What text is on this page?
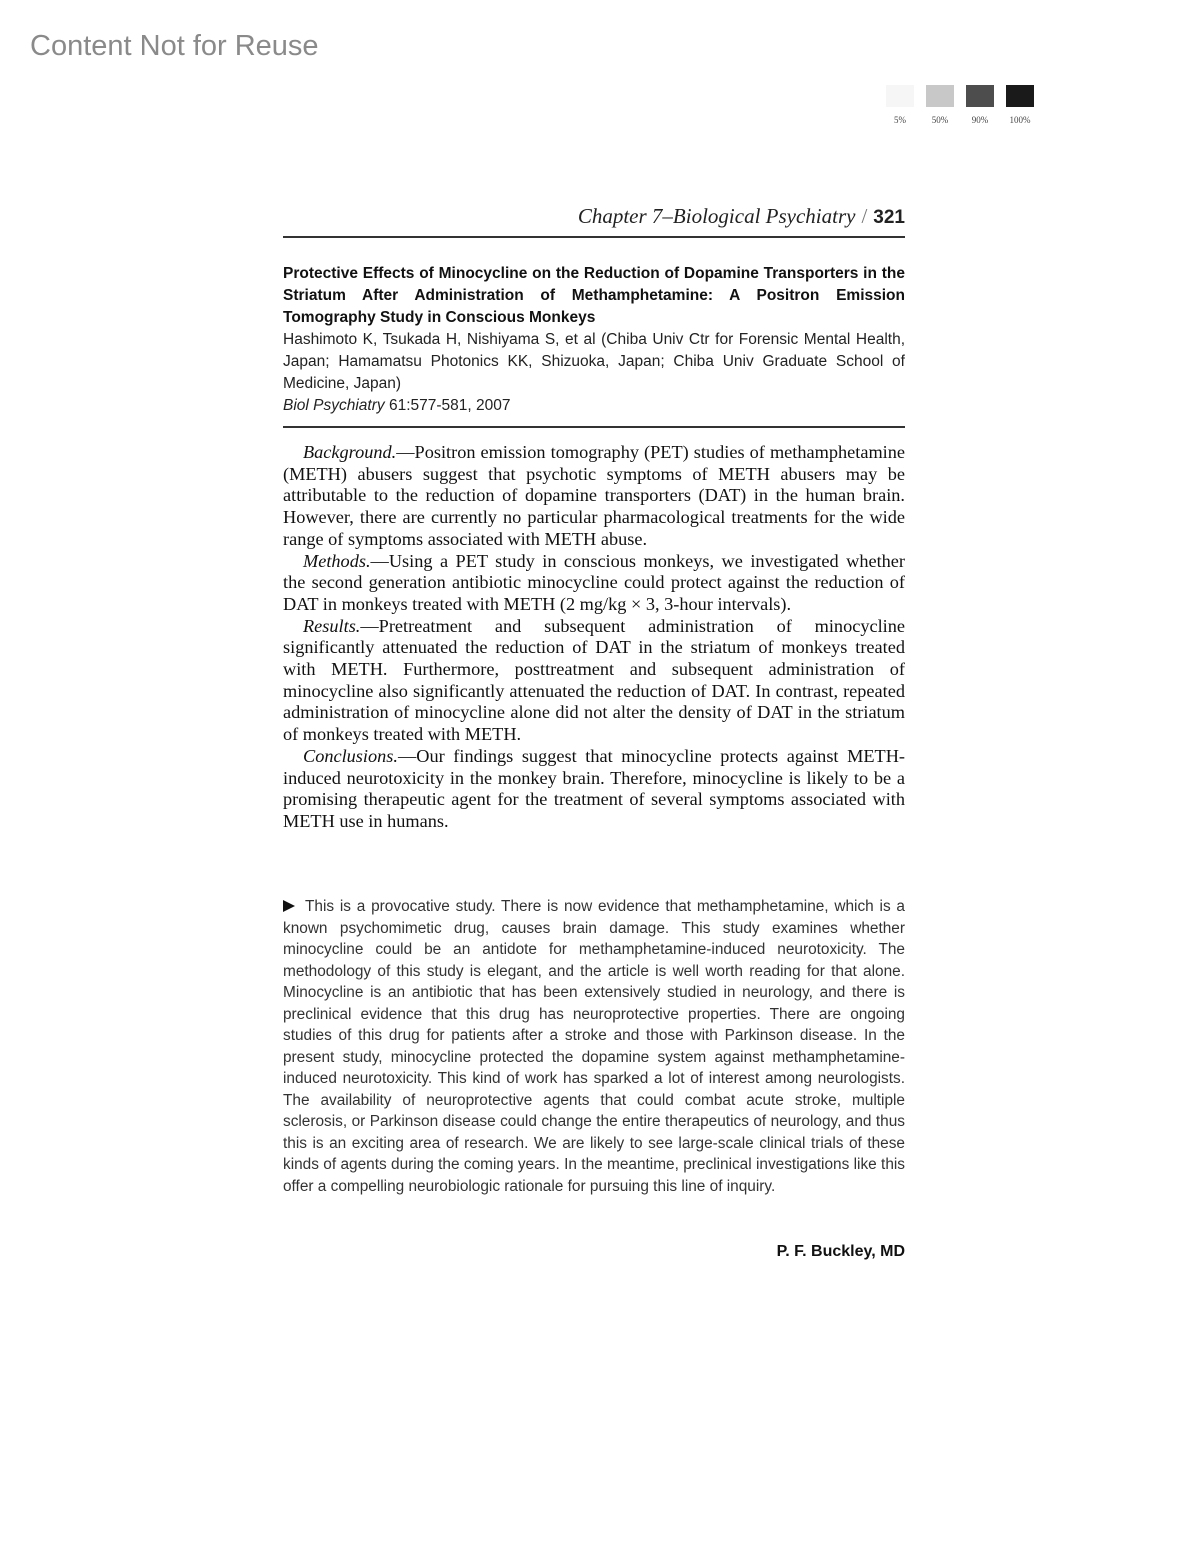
Content Not for Reuse
5%	50%	90%	100%
Chapter 7–Biological Psychiatry / 321
Protective Effects of Minocycline on the Reduction of Dopamine Transporters in the Striatum After Administration of Methamphetamine: A Positron Emission Tomography Study in Conscious Monkeys
Hashimoto K, Tsukada H, Nishiyama S, et al (Chiba Univ Ctr for Forensic Mental Health, Japan; Hamamatsu Photonics KK, Shizuoka, Japan; Chiba Univ Graduate School of Medicine, Japan)
Biol Psychiatry 61:577-581, 2007

Background.—Positron emission tomography (PET) studies of methamphetamine (METH) abusers suggest that psychotic symptoms of METH abusers may be attributable to the reduction of dopamine transporters (DAT) in the human brain. However, there are currently no particular pharmacological treatments for the wide range of symptoms associated with METH abuse.

Methods.—Using a PET study in conscious monkeys, we investigated whether the second generation antibiotic minocycline could protect against the reduction of DAT in monkeys treated with METH (2 mg/kg × 3, 3-hour intervals).

Results.—Pretreatment and subsequent administration of minocycline significantly attenuated the reduction of DAT in the striatum of monkeys treated with METH. Furthermore, posttreatment and subsequent administration of minocycline also significantly attenuated the reduction of DAT. In contrast, repeated administration of minocycline alone did not alter the density of DAT in the striatum of monkeys treated with METH.

Conclusions.—Our findings suggest that minocycline protects against METH-induced neurotoxicity in the monkey brain. Therefore, minocycline is likely to be a promising therapeutic agent for the treatment of several symptoms associated with METH use in humans.

This is a provocative study. There is now evidence that methamphetamine, which is a known psychomimetic drug, causes brain damage. This study examines whether minocycline could be an antidote for methamphetamine-induced neurotoxicity. The methodology of this study is elegant, and the article is well worth reading for that alone. Minocycline is an antibiotic that has been extensively studied in neurology, and there is preclinical evidence that this drug has neuroprotective properties. There are ongoing studies of this drug for patients after a stroke and those with Parkinson disease. In the present study, minocycline protected the dopamine system against methamphetamine-induced neurotoxicity. This kind of work has sparked a lot of interest among neurologists. The availability of neuroprotective agents that could combat acute stroke, multiple sclerosis, or Parkinson disease could change the entire therapeutics of neurology, and thus this is an exciting area of research. We are likely to see large-scale clinical trials of these kinds of agents during the coming years. In the meantime, preclinical investigations like this offer a compelling neurobiologic rationale for pursuing this line of inquiry.
P. F. Buckley, MD
